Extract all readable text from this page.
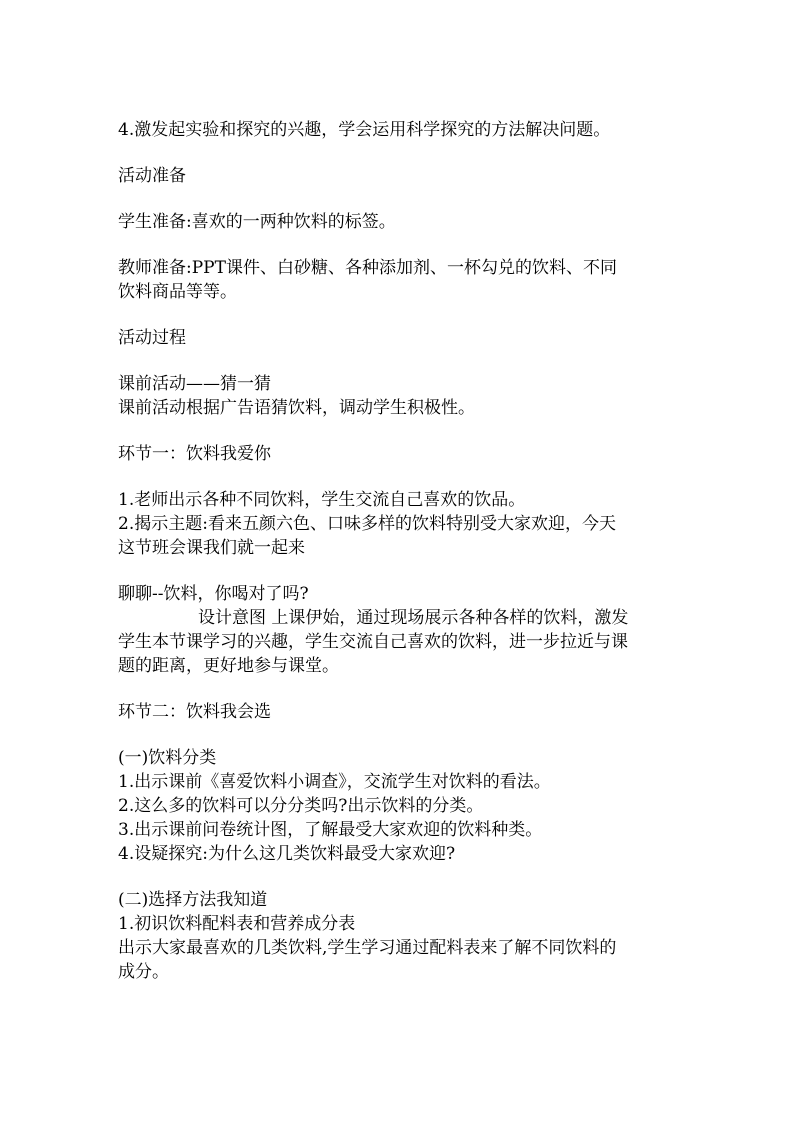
4.激发起实验和探究的兴趣，学会运用科学探究的方法解决问题。
活动准备
学生准备:喜欢的一两种饮料的标签。
教师准备:PPT课件、白砂糖、各种添加剂、一杯勾兑的饮料、不同
饮料商品等等。
活动过程
课前活动——猜一猜
课前活动根据广告语猜饮料，调动学生积极性。
环节一：饮料我爱你
1.老师出示各种不同饮料，学生交流自己喜欢的饮品。
2.揭示主题:看来五颜六色、口味多样的饮料特别受大家欢迎，今天
这节班会课我们就一起来
聊聊--饮料，你喝对了吗?
设计意图 上课伊始，通过现场展示各种各样的饮料，激发
学生本节课学习的兴趣，学生交流自己喜欢的饮料，进一步拉近与课
题的距离，更好地参与课堂。
环节二：饮料我会选
(一)饮料分类
1.出示课前《喜爱饮料小调查》，交流学生对饮料的看法。
2.这么多的饮料可以分分类吗?出示饮料的分类。
3.出示课前问卷统计图，了解最受大家欢迎的饮料种类。
4.设疑探究:为什么这几类饮料最受大家欢迎?
(二)选择方法我知道
1.初识饮料配料表和营养成分表
出示大家最喜欢的几类饮料,学生学习通过配料表来了解不同饮料的
成分。
